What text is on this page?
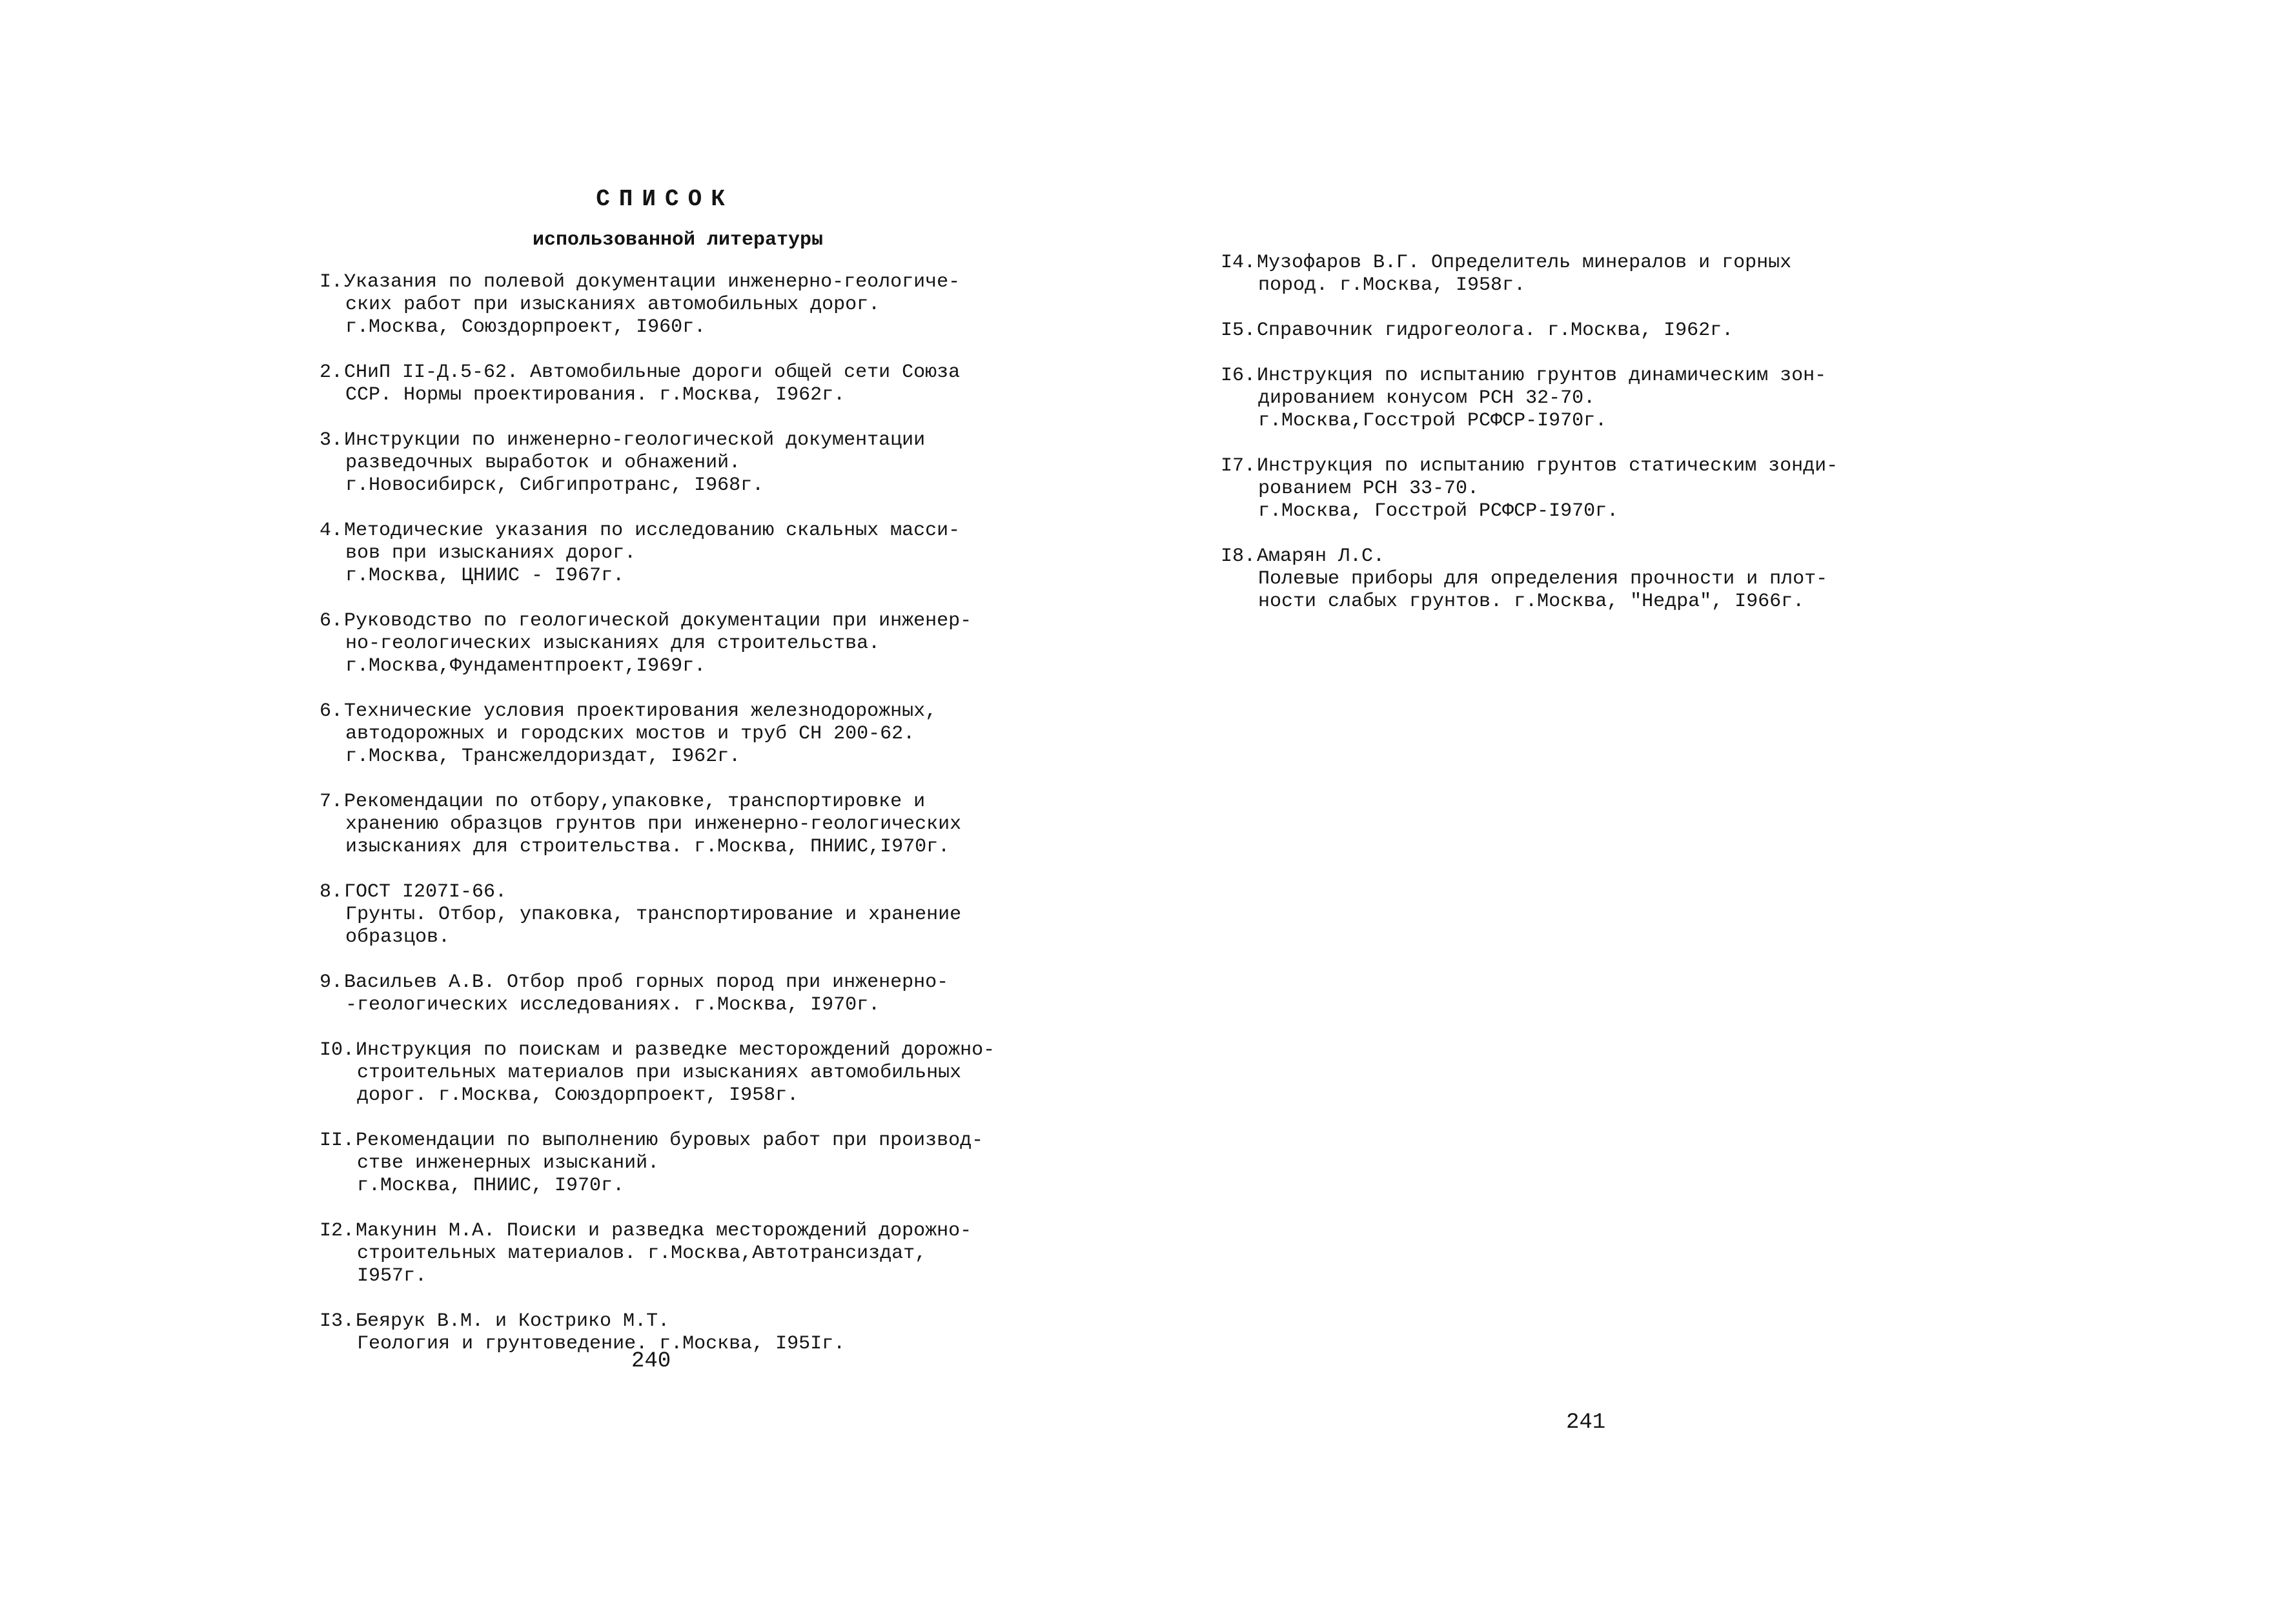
СПИСОК
использованной литературы
I . Указания по полевой документации инженерно-геологиче-
ских работ при изысканиях автомобильных дорог.
г.Москва, Союздорпроект, I960г.
2 . СНиП II-Д.5-62. Автомобильные дороги общей сети Союза
ССР. Нормы проектирования. г.Москва, I962г.
3 . Инструкции по инженерно-геологической документации
разведочных выработок и обнажений.
г.Новосибирск, Сибгипротранс, I968г.
4 . Методические указания по исследованию скальных масси-
вов при изысканиях дорог.
г.Москва, ЦНИИС - I967г.
6 . Руководство по геологической документации при инженер-
но-геологических изысканиях для строительства.
г.Москва,Фундаментпроект,I969г.
6 . Технические условия проектирования железнодорожных,
автодорожных и городских мостов и труб СН 200-62.
г.Москва, Трансжелдориздат, I962г.
7 . Рекомендации по отбору,упаковке, транспортировке и
хранению образцов грунтов при инженерно-геологических
изысканиях для строительства. г.Москва, ПНИИС,I970г.
8 . ГОСТ I207I-66.
Грунты. Отбор, упаковка, транспортирование и хранение
образцов.
9 . Васильев А.В. Отбор проб горных пород при инженерно-
-геологических исследованиях. г.Москва, I970г.
I0 . Инструкция по поискам и разведке месторождений дорожно-
строительных материалов при изысканиях автомобильных
дорог. г.Москва, Союздорпроект, I958г.
II . Рекомендации по выполнению буровых работ при производ-
стве инженерных изысканий.
г.Москва, ПНИИС, I970г.
I2 . Макунин М.А. Поиски и разведка месторождений дорожно-
строительных материалов. г.Москва,Автотрансиздат,
I957г.
I3 . Беярук В.М. и Кострико М.Т.
Геология и грунтоведение. г.Москва, I95Iг.
240
I4 . Музофаров В.Г. Определитель минералов и горных
пород. г.Москва, I958г.
I5 . Справочник гидрогеолога. г.Москва, I962г.
I6 . Инструкция по испытанию грунтов динамическим зон-
дированием конусом РСН 32-70.
г.Москва,Госстрой РСФСР-I970г.
I7 . Инструкция по испытанию грунтов статическим зонди-
рованием РСН 33-70.
г.Москва, Госстрой РСФСР-I970г.
I8 . Амарян Л.С.
Полевые приборы для определения прочности и плот-
ности слабых грунтов. г.Москва, "Недра", I966г.
241
